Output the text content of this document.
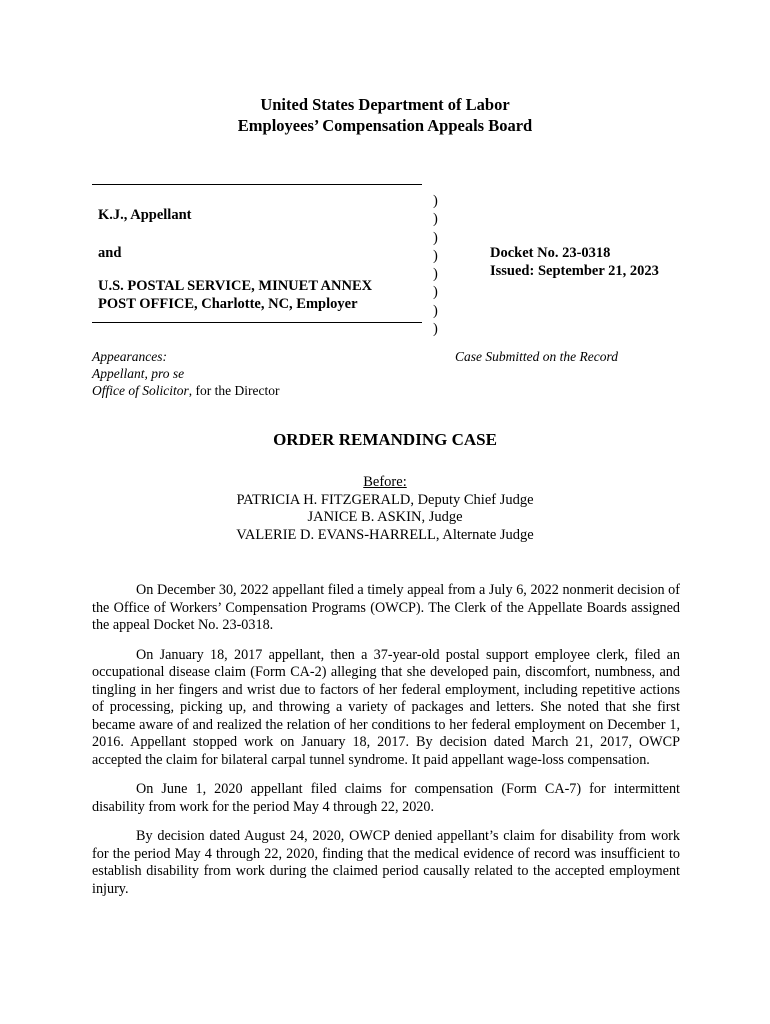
United States Department of Labor
Employees’ Compensation Appeals Board
K.J., Appellant
and
U.S. POSTAL SERVICE, MINUET ANNEX
POST OFFICE, Charlotte, NC, Employer
)
)
)
)
)
)
)
)
Docket No. 23-0318
Issued: September 21, 2023
Appearances:
Appellant, pro se
Office of Solicitor, for the Director
Case Submitted on the Record
ORDER REMANDING CASE
Before:
PATRICIA H. FITZGERALD, Deputy Chief Judge
JANICE B. ASKIN, Judge
VALERIE D. EVANS-HARRELL, Alternate Judge

On December 30, 2022 appellant filed a timely appeal from a July 6, 2022 nonmerit decision of the Office of Workers’ Compensation Programs (OWCP). The Clerk of the Appellate Boards assigned the appeal Docket No. 23-0318.

On January 18, 2017 appellant, then a 37-year-old postal support employee clerk, filed an occupational disease claim (Form CA-2) alleging that she developed pain, discomfort, numbness, and tingling in her fingers and wrist due to factors of her federal employment, including repetitive actions of processing, picking up, and throwing a variety of packages and letters. She noted that she first became aware of and realized the relation of her conditions to her federal employment on December 1, 2016. Appellant stopped work on January 18, 2017. By decision dated March 21, 2017, OWCP accepted the claim for bilateral carpal tunnel syndrome. It paid appellant wage-loss compensation.

On June 1, 2020 appellant filed claims for compensation (Form CA-7) for intermittent disability from work for the period May 4 through 22, 2020.

By decision dated August 24, 2020, OWCP denied appellant’s claim for disability from work for the period May 4 through 22, 2020, finding that the medical evidence of record was insufficient to establish disability from work during the claimed period causally related to the accepted employment injury.
